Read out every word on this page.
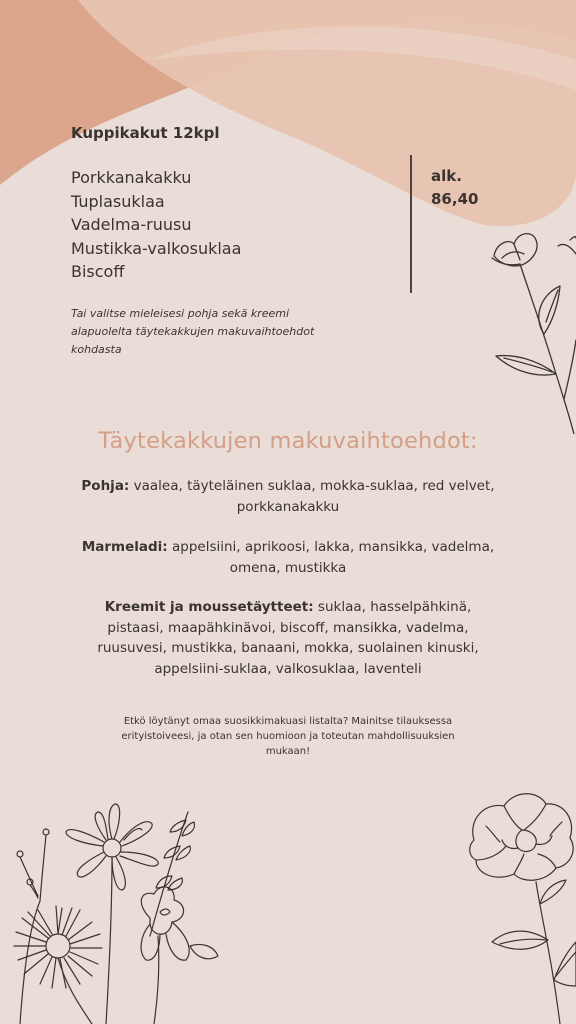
Kuppikakut 12kpl
Porkkanakakku
Tuplasuklaa
Vadelma-ruusu
Mustikka-valkosuklaa
Biscoff
alk.
86,40
Tai valitse mieleisesi pohja sekä kreemi alapuolelta täytekakkujen makuvaihtoehdot kohdasta
Täytekakkujen makuvaihtoehdot:
Pohja: vaalea, täyteläinen suklaa, mokka-suklaa, red velvet, porkkanakakku
Marmeladi: appelsiini, aprikoosi, lakka, mansikka, vadelma, omena, mustikka
Kreemit ja moussetäytteet: suklaa, hasselpähkinä, pistaasi, maapähkinävoi, biscoff, mansikka, vadelma, ruusuvesi, mustikka, banaani, mokka, suolainen kinuski, appelsiini-suklaa, valkosuklaa, laventeli
Etkö löytänyt omaa suosikkimakuasi listalta? Mainitse tilauksessa erityistoiveesi, ja otan sen huomioon ja toteutan mahdollisuuksien mukaan!
